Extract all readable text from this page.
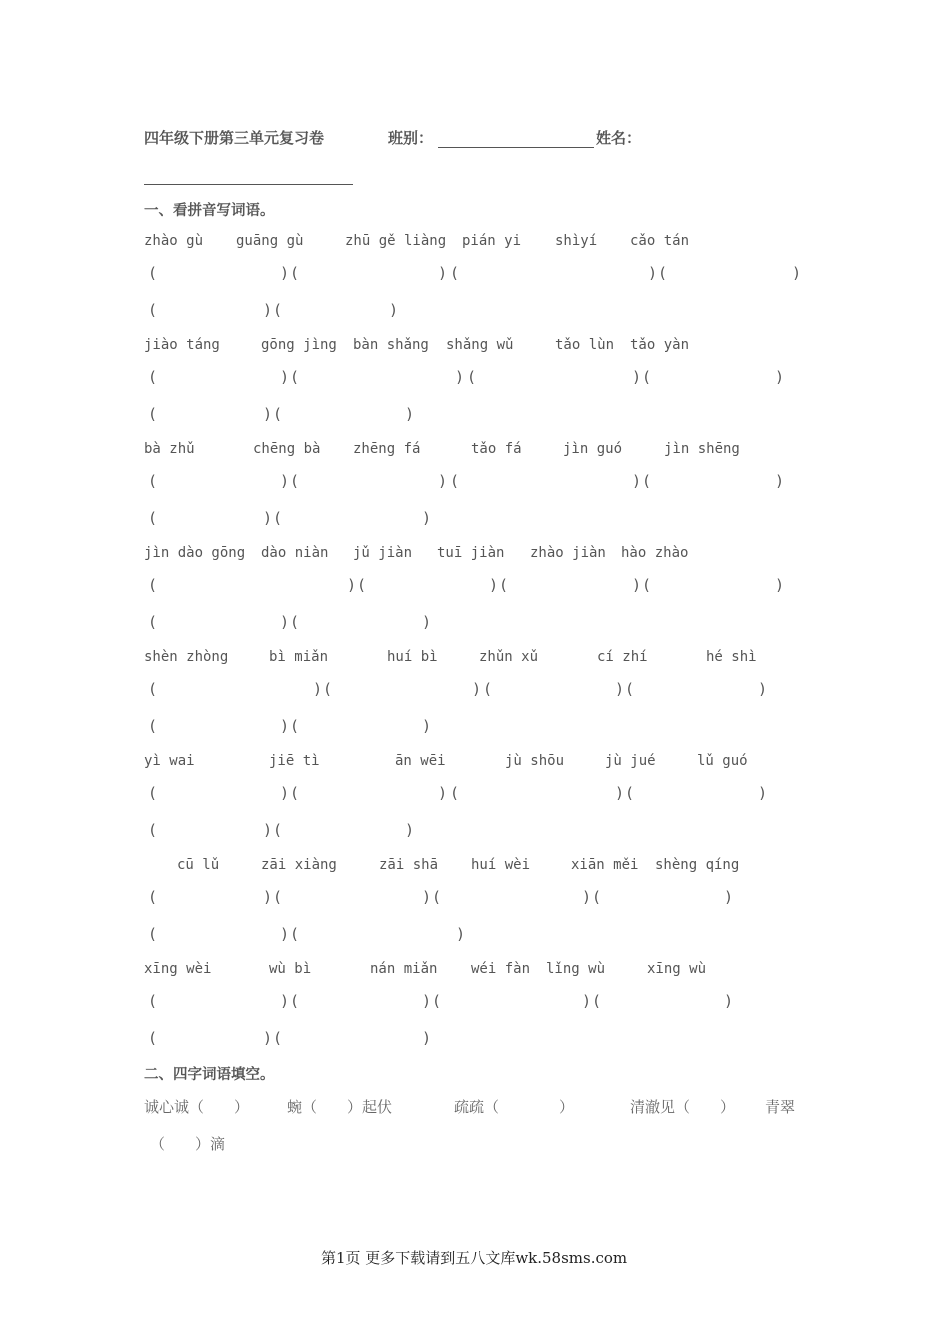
四年级下册第三单元复习卷	班别：	姓名：
一、看拼音写词语。
zhào gù guāng gù	zhū gě liàng pián yi shìyí cǎo tán
(	) (	) (	) (	)
(	) (	)
jiào táng	gōng jìng bàn shǎng shǎng wǔ	tǎo lùn tǎo yàn
(	) (	) (	) (	)
(	) (	)
bà zhǔ	chēng bà zhēng fá	tǎo fá	jìn guó	jìn shēng
(	) (	) (	) (	)
(	) (	)
jìn dào gōng dào niàn jǔ jiàn tuī jiàn zhào jiàn hào zhào
(	) (	) (	) (	)
(	) (	)
shèn zhòng	bì miǎn	huí bì	zhǔn xǔ	cí zhí	hé shì
(	) (	) (	) (	)
(	) (	)
yì wai	jiē tì	ān wēi	jù shōu	jù jué	lǔ guó
(	) (	) (	) (	)
(	) (	)
cū lǔ	zāi xiàng	zāi shā huí wèi	xiān měi shèng qíng
(	) (	) (	) (	)
(	) (	)
xīng wèi	wù bì	nán miǎn wéi fàn lǐng wù	xīng wù
(	) (	) (	) (	)
(	) (	)
二、四字词语填空。
诚心诚（　　）	蜿（　　）起伏	疏疏（　　　　）	清澈见（　　） 青翠
（　　）滴
第1页 更多下载请到五八文库wk.58sms.com
